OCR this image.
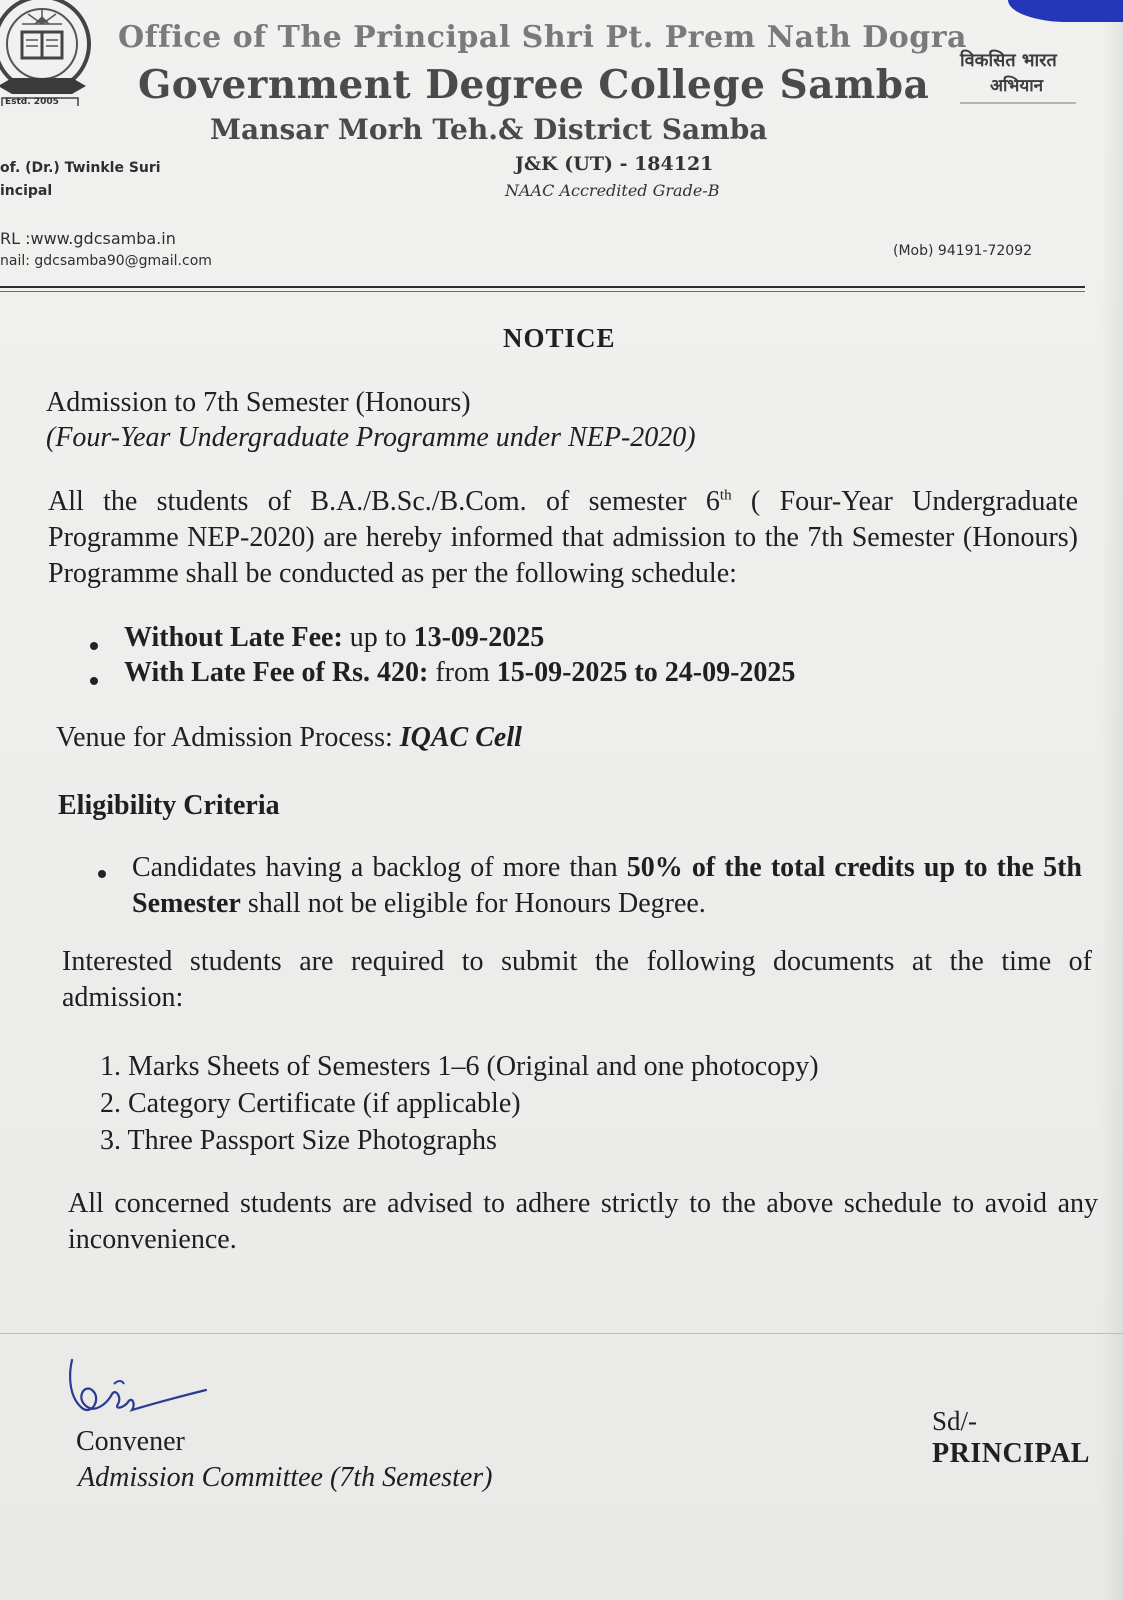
Estd. 2005
Office of The Principal Shri Pt. Prem Nath Dogra
Government Degree College Samba
Mansar Morh Teh.& District Samba
विकसित भारत
अभियान
of. (Dr.) Twinkle Suri
incipal
J&K (UT) - 184121
NAAC Accredited Grade-B
RL :www.gdcsamba.in
nail: gdcsamba90@gmail.com
(Mob) 94191-72092
NOTICE
Admission to 7th Semester (Honours)
(Four-Year Undergraduate Programme under NEP-2020)
All the students of B.A./B.Sc./B.Com. of semester 6th ( Four-Year Undergraduate Programme NEP-2020) are hereby informed that admission to the 7th Semester (Honours) Programme shall be conducted as per the following schedule:
Without Late Fee: up to 13-09-2025
With Late Fee of Rs. 420: from 15-09-2025 to 24-09-2025
Venue for Admission Process: IQAC Cell
Eligibility Criteria
Candidates having a backlog of more than 50% of the total credits up to the 5th Semester shall not be eligible for Honours Degree.
Interested students are required to submit the following documents at the time of admission:
1. Marks Sheets of Semesters 1–6 (Original and one photocopy)
2. Category Certificate (if applicable)
3. Three Passport Size Photographs
All concerned students are advised to adhere strictly to the above schedule to avoid any inconvenience.
Convener
Admission Committee (7th Semester)
Sd/-
PRINCIPAL
